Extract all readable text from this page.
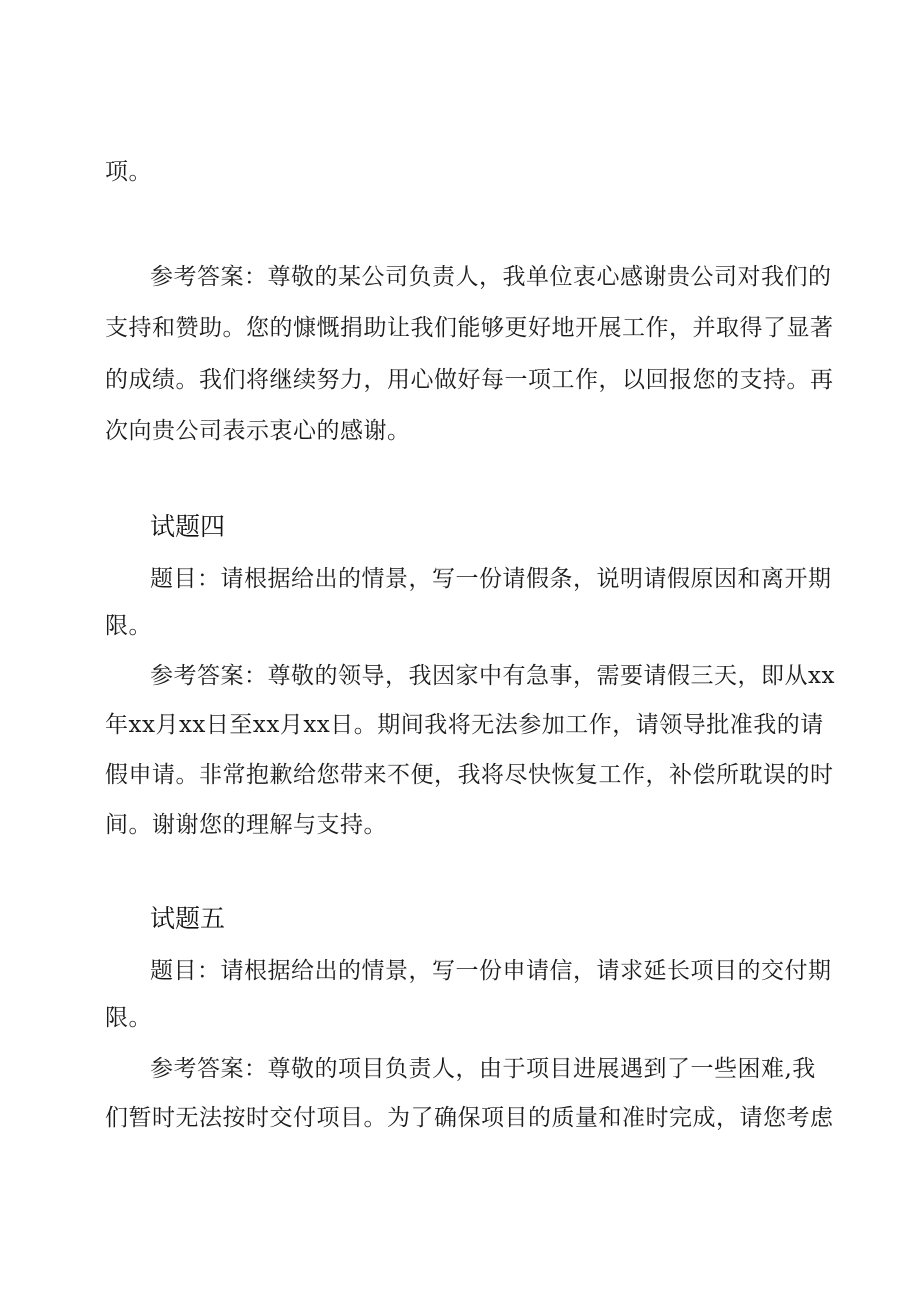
项。
参考答案：尊敬的某公司负责人，我单位衷心感谢贵公司对我们的
支持和赞助。您的慷慨捐助让我们能够更好地开展工作，并取得了显著
的成绩。我们将继续努力，用心做好每一项工作，以回报您的支持。再
次向贵公司表示衷心的感谢。
试题四
题目：请根据给出的情景，写一份请假条，说明请假原因和离开期
限。
参考答案：尊敬的领导，我因家中有急事，需要请假三天，即从xx
年xx月xx日至xx月xx日。期间我将无法参加工作，请领导批准我的请
假申请。非常抱歉给您带来不便，我将尽快恢复工作，补偿所耽误的时
间。谢谢您的理解与支持。
试题五
题目：请根据给出的情景，写一份申请信，请求延长项目的交付期
限。
参考答案：尊敬的项目负责人，由于项目进展遇到了一些困难,我
们暂时无法按时交付项目。为了确保项目的质量和准时完成，请您考虑
